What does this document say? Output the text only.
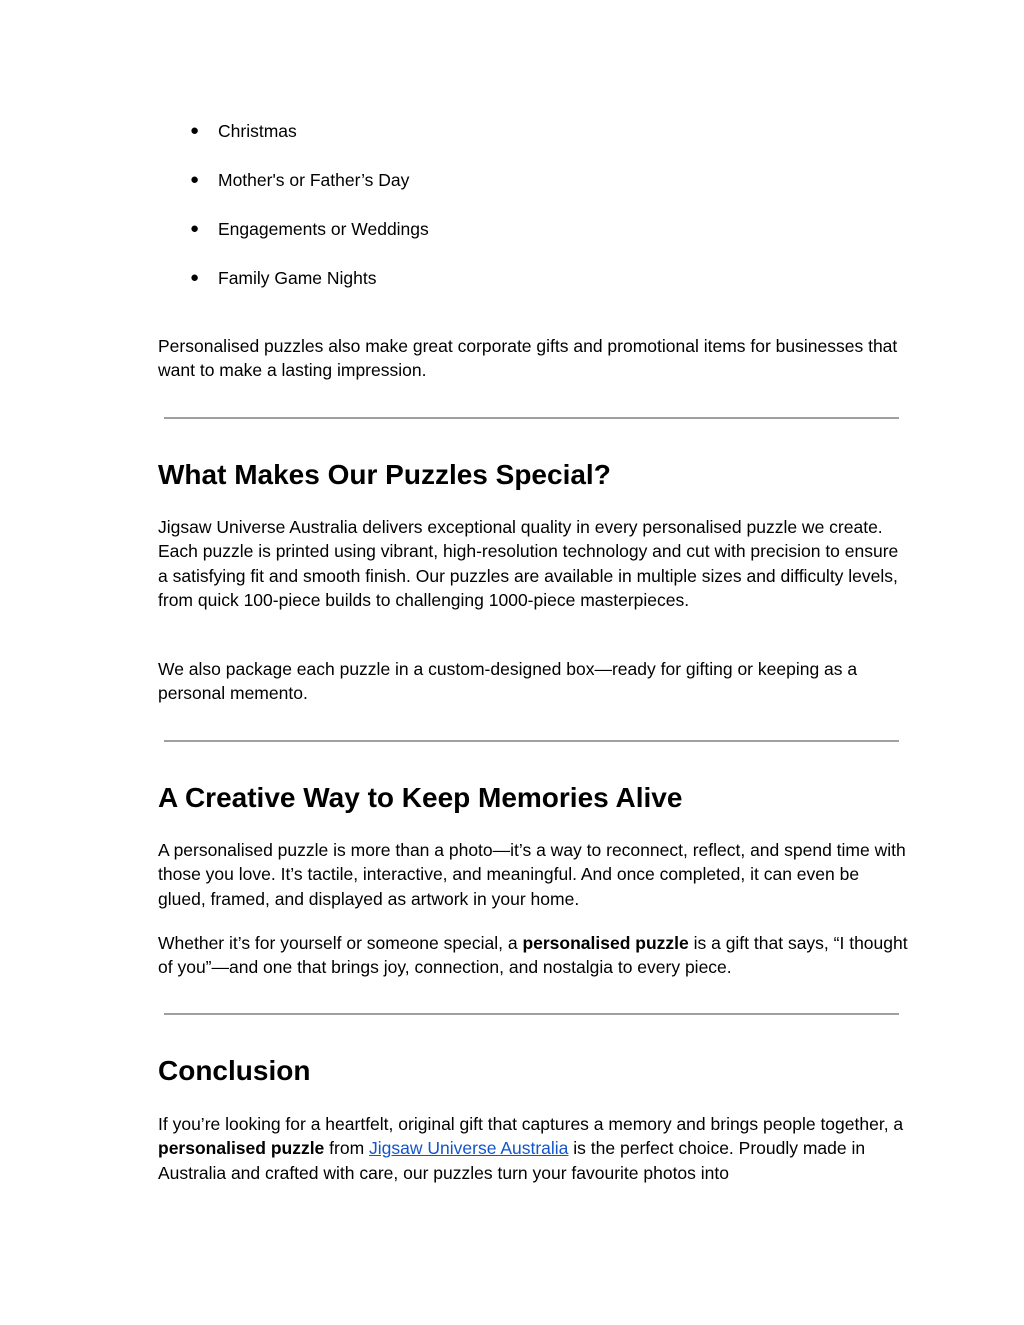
● Christmas
● Mother's or Father’s Day
● Engagements or Weddings
● Family Game Nights

Personalised puzzles also make great corporate gifts and promotional items for businesses that want to make a lasting impression.

What Makes Our Puzzles Special?

Jigsaw Universe Australia delivers exceptional quality in every personalised puzzle we create. Each puzzle is printed using vibrant, high-resolution technology and cut with precision to ensure a satisfying fit and smooth finish. Our puzzles are available in multiple sizes and difficulty levels, from quick 100-piece builds to challenging 1000-piece masterpieces.

We also package each puzzle in a custom-designed box—ready for gifting or keeping as a personal memento.

A Creative Way to Keep Memories Alive

A personalised puzzle is more than a photo—it’s a way to reconnect, reflect, and spend time with those you love. It’s tactile, interactive, and meaningful. And once completed, it can even be glued, framed, and displayed as artwork in your home.

Whether it’s for yourself or someone special, a personalised puzzle is a gift that says, “I thought of you”—and one that brings joy, connection, and nostalgia to every piece.

Conclusion

If you’re looking for a heartfelt, original gift that captures a memory and brings people together, a personalised puzzle from Jigsaw Universe Australia is the perfect choice. Proudly made in Australia and crafted with care, our puzzles turn your favourite photos into
